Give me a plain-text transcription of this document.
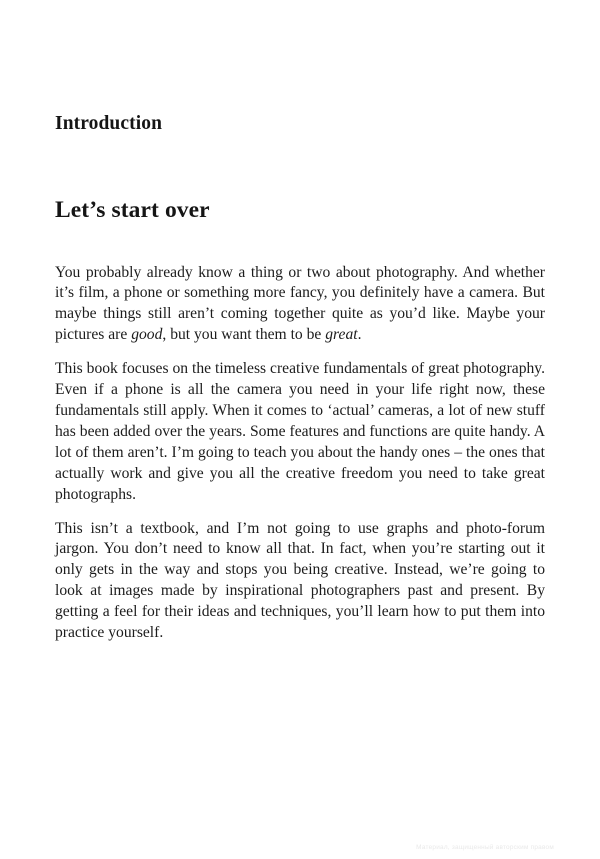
Introduction
Let’s start over

You probably already know a thing or two about photography. And whether it’s film, a phone or something more fancy, you definitely have a camera. But maybe things still aren’t coming together quite as you’d like. Maybe your pictures are good, but you want them to be great.

This book focuses on the timeless creative fundamentals of great photography. Even if a phone is all the camera you need in your life right now, these fundamentals still apply. When it comes to ‘actual’ cameras, a lot of new stuff has been added over the years. Some features and functions are quite handy. A lot of them aren’t. I’m going to teach you about the handy ones – the ones that actually work and give you all the creative freedom you need to take great photographs.

This isn’t a textbook, and I’m not going to use graphs and photo-forum jargon. You don’t need to know all that. In fact, when you’re starting out it only gets in the way and stops you being creative. Instead, we’re going to look at images made by inspirational photographers past and present. By getting a feel for their ideas and techniques, you’ll learn how to put them into practice yourself.

Материал, защищенный авторским правом
